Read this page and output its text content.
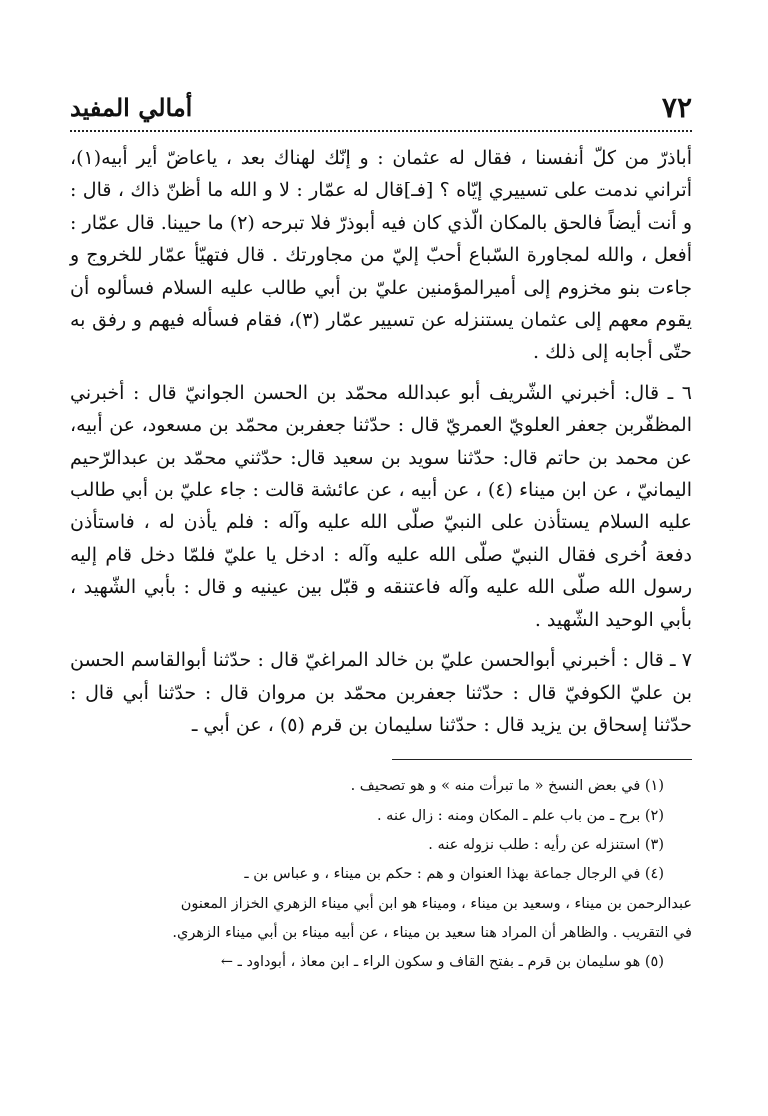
٧٢
أمالي المفيد

أباذرّ من كلّ أنفسنا ، فقال له عثمان : و إنّك لهناك بعد ، ياعاضّ أير أبيه(١)، أتراني ندمت على تسييري إيّاه ؟ [فـ]قال له عمّار : لا و الله ما أظنّ ذاك ، قال : و أنت أيضاً فالحق بالمكان الّذي كان فيه أبوذرّ فلا تبرحه (٢) ما حيينا. قال عمّار : أفعل ، والله لمجاورة السّباع أحبّ إليّ من مجاورتك . قال فتهيّأ عمّار للخروج و جاءت بنو مخزوم إلى أميرالمؤمنين عليّ بن أبي طالب عليه السلام فسألوه أن يقوم معهم إلى عثمان يستنزله عن تسيير عمّار (٣)، فقام فسأله فيهم و رفق به حتّى أجابه إلى ذلك .

٦ ـ قال: أخبرني الشّريف أبو عبدالله محمّد بن الحسن الجوانيّ قال : أخبرني المظفّربن جعفر العلويّ العمريّ قال : حدّثنا جعفربن محمّد بن مسعود، عن أبيه، عن محمد بن حاتم قال: حدّثنا سويد بن سعيد قال: حدّثني محمّد بن عبدالرّحيم اليمانيّ ، عن ابن ميناء (٤) ، عن أبيه ، عن عائشة قالت : جاء عليّ بن أبي طالب عليه السلام يستأذن على النبيّ صلّى الله عليه وآله : فلم يأذن له ، فاستأذن دفعة اُخرى فقال النبيّ صلّى الله عليه وآله : ادخل يا عليّ فلمّا دخل قام إليه رسول الله صلّى الله عليه وآله فاعتنقه و قبّل بين عينيه و قال : بأبي الشّهيد ، بأبي الوحيد الشّهيد .

٧ ـ قال : أخبرني أبوالحسن عليّ بن خالد المراغيّ قال : حدّثنا أبوالقاسم الحسن بن عليّ الكوفيّ قال : حدّثنا جعفربن محمّد بن مروان قال : حدّثنا أبي قال : حدّثنا إسحاق بن يزيد قال : حدّثنا سليمان بن قرم (٥) ، عن أبي ـ

(١) في بعض النسخ « ما تبرأت منه » و هو تصحيف .

(٢) برح ـ من باب علم ـ المكان ومنه : زال عنه .

(٣) استنزله عن رأيه : طلب نزوله عنه .

(٤) في الرجال جماعة بهذا العنوان و هم : حكم بن ميناء ، و عباس بن ـ

عبدالرحمن بن ميناء ، وسعيد بن ميناء ، وميناء هو ابن أبي ميناء الزهري الخزاز المعنون

في التقريب . والظاهر أن المراد هنا سعيد بن ميناء ، عن أبيه ميناء بن أبي ميناء الزهري.

(٥) هو سليمان بن قرم ـ بفتح القاف و سكون الراء ـ ابن معاذ ، أبوداود ـ ←
